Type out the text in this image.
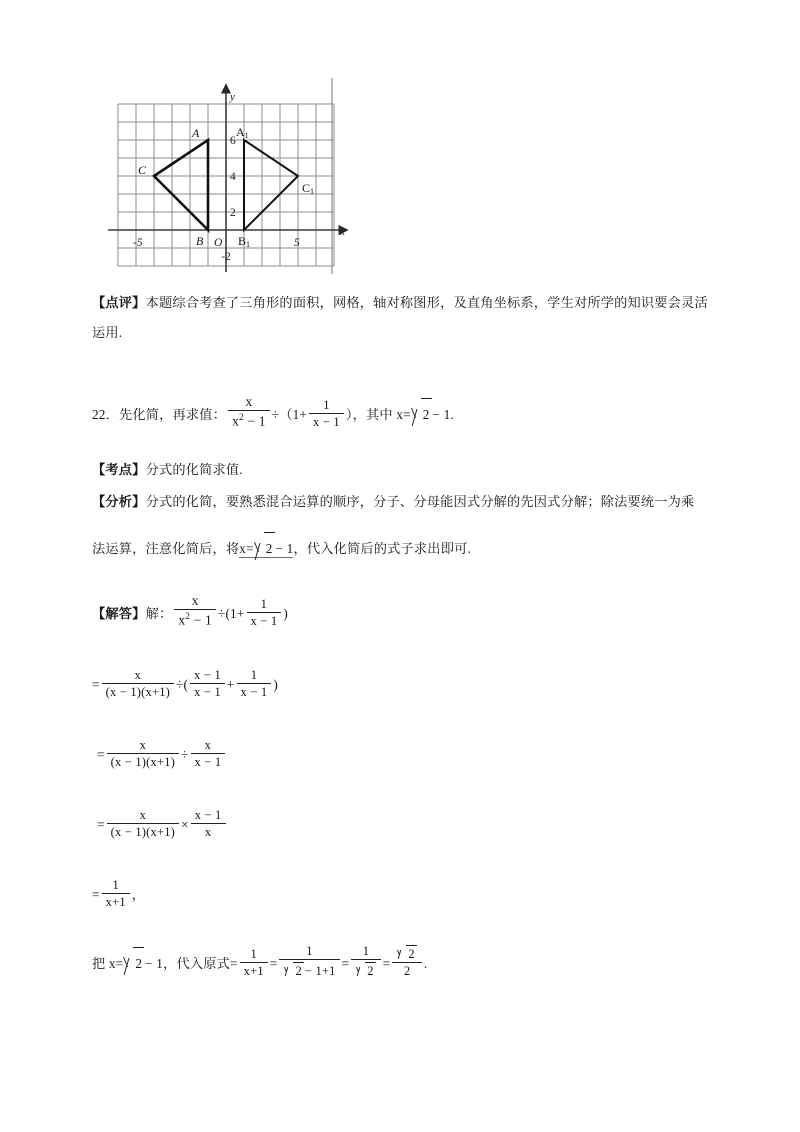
x
y
6
4
2
-2
-5	O	5
A
B
C
A1
B1
C1
【点评】本题综合考查了三角形的面积，网格，轴对称图形，及直角坐标系，学生对所学的知识要会灵活运用.
22．先化简，再求值： $\frac{x}{x^2 - 1} \div(1+ \frac{1}{x - 1}$ ），其中 x= 2 − 1.
【考点】分式的化简求值.
【分析】分式的化简，要熟悉混合运算的顺序，分子、分母能因式分解的先因式分解；除法要统一为乘
法运算，注意化简后，将x= 2 − 1，代入化简后的式子求出即可.
【解答】解： $\frac{x}{x^2 - 1} \div(1+ \frac{1}{x - 1}$ )
= $\frac{x}{(x - 1)(x+1)}$ ÷( $\frac{x - 1}{x - 1} + \frac{1}{x - 1}$ )
= $\frac{x}{(x - 1)(x+1)} \div \frac{x}{x - 1}$
= $\frac{x}{(x - 1)(x+1)} \times \frac{x - 1}{x}$
= $\frac{1}{x+1}$ ，
把 x= 2 − 1，代入原式= $\frac{1}{x+1} = \frac{1}{2 - 1+1} = \frac{1}{2} = \frac{2}{2}$ .
